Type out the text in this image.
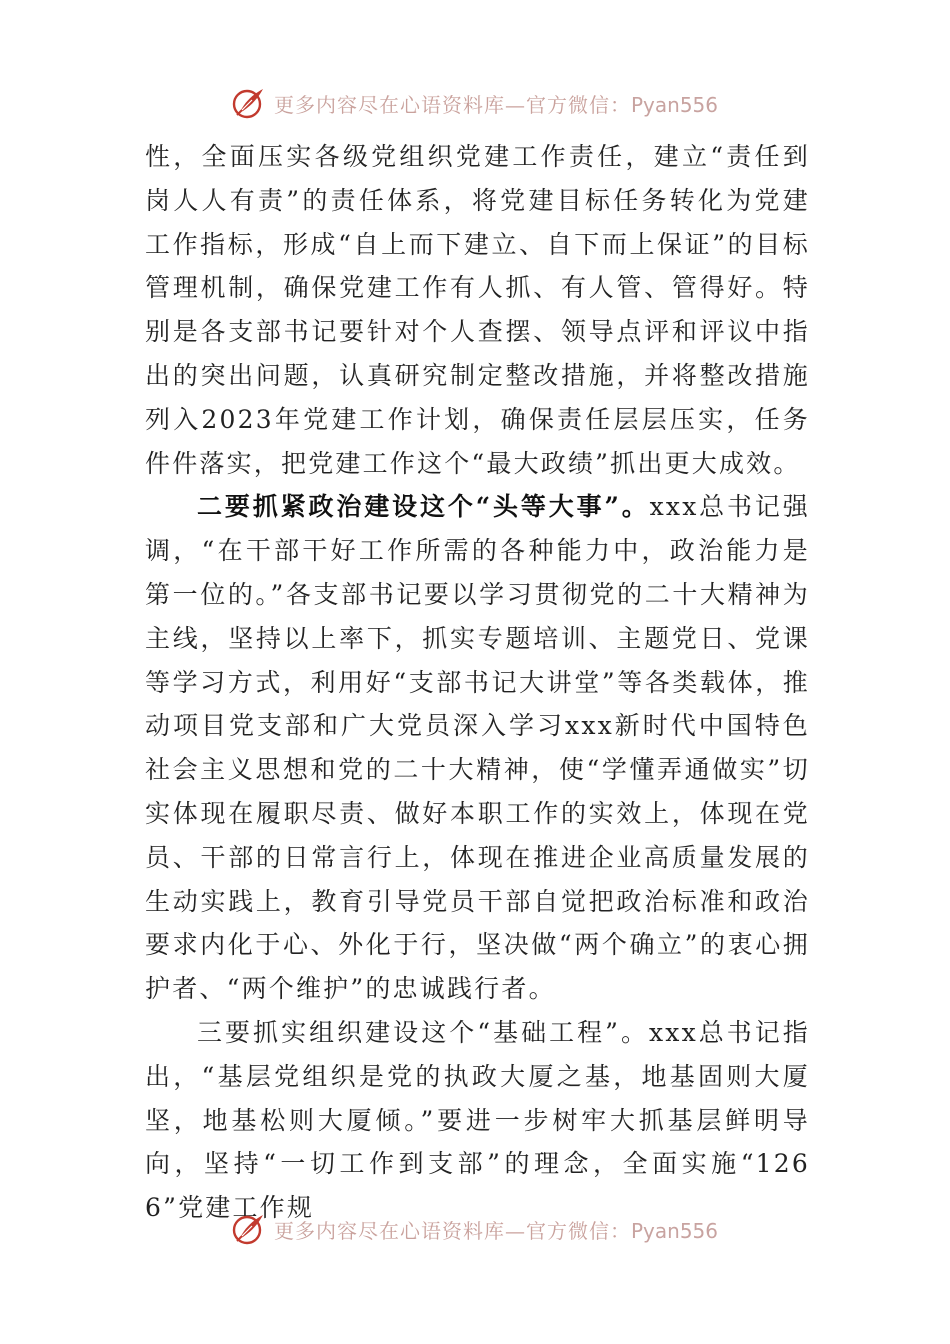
更多内容尽在心语资料库—官方微信：Pyan556

性，全面压实各级党组织党建工作责任，建立“责任到岗人人有责”的责任体系，将党建目标任务转化为党建工作指标，形成“自上而下建立、自下而上保证”的目标管理机制，确保党建工作有人抓、有人管、管得好。特别是各支部书记要针对个人查摆、领导点评和评议中指出的突出问题，认真研究制定整改措施，并将整改措施列入2023年党建工作计划，确保责任层层压实，任务件件落实，把党建工作这个“最大政绩”抓出更大成效。

二要抓紧政治建设这个“头等大事”。xxx总书记强调，“在干部干好工作所需的各种能力中，政治能力是第一位的。”各支部书记要以学习贯彻党的二十大精神为主线，坚持以上率下，抓实专题培训、主题党日、党课等学习方式，利用好“支部书记大讲堂”等各类载体，推动项目党支部和广大党员深入学习xxx新时代中国特色社会主义思想和党的二十大精神，使“学懂弄通做实”切实体现在履职尽责、做好本职工作的实效上，体现在党员、干部的日常言行上，体现在推进企业高质量发展的生动实践上，教育引导党员干部自觉把政治标准和政治要求内化于心、外化于行，坚决做“两个确立”的衷心拥护者、“两个维护”的忠诚践行者。

三要抓实组织建设这个“基础工程”。xxx总书记指出，“基层党组织是党的执政大厦之基，地基固则大厦坚，地基松则大厦倾。”要进一步树牢大抓基层鲜明导向，坚持“一切工作到支部”的理念，全面实施“1266”党建工作规

更多内容尽在心语资料库—官方微信：Pyan556
